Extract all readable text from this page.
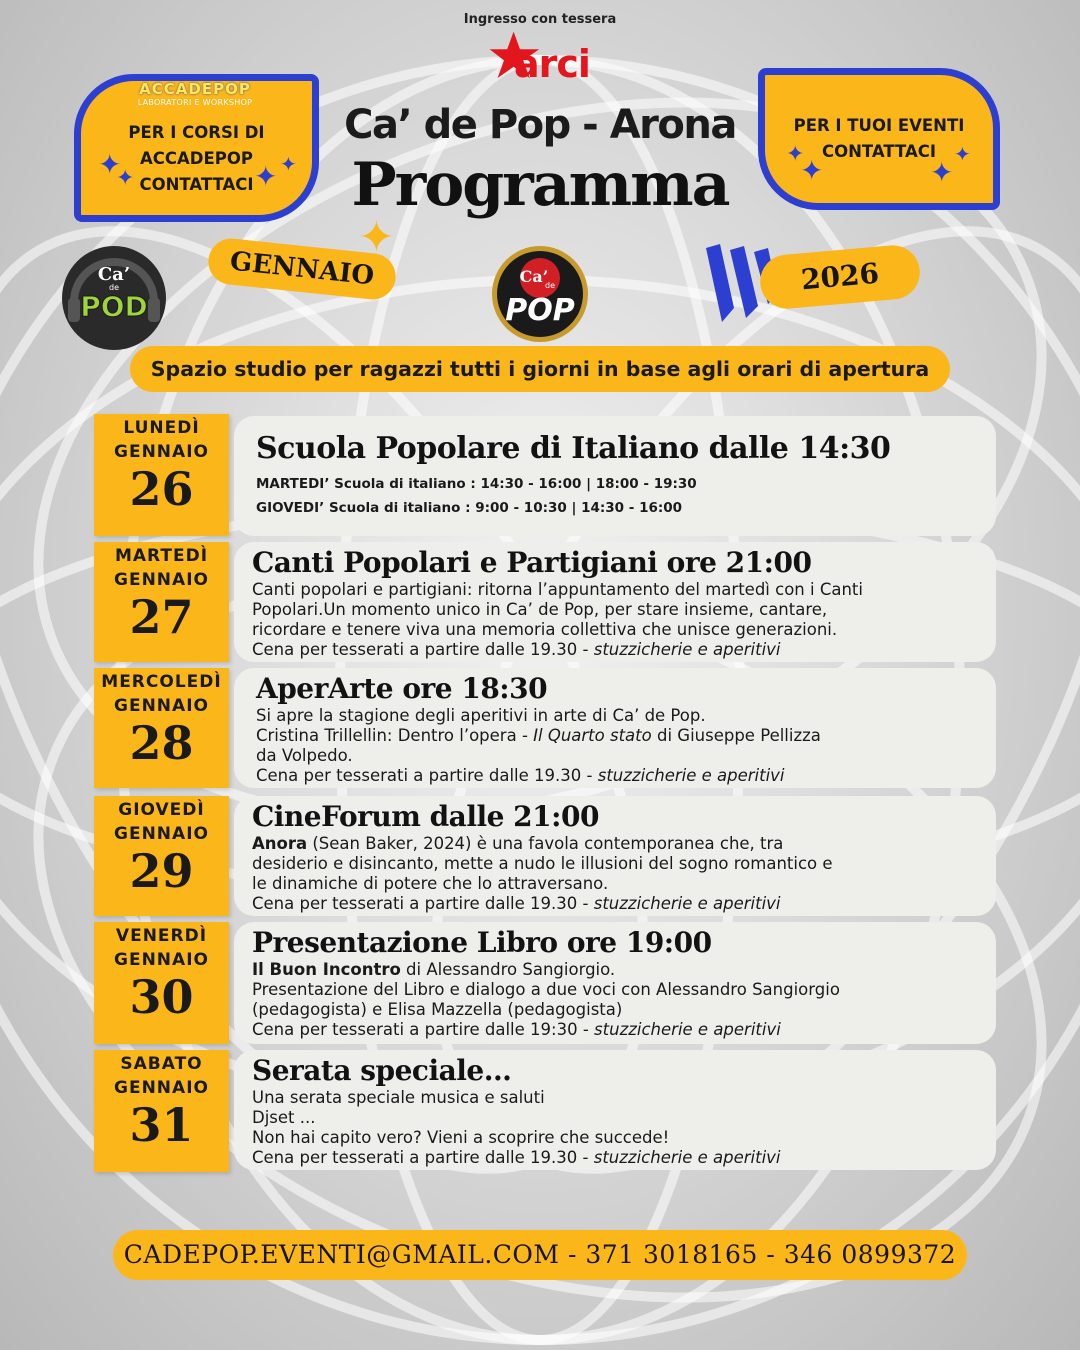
Ingresso con tessera
arci
PER I CORSI DI
ACCADEPOP
CONTATTACI
ACCADEPOP
LABORATORI E WORKSHOP
✦
✦	✦ ✦
PER I TUOI EVENTI
CONTATTACI
✦
✦	✦
✦
Ca’ de Pop - Arona
Programma
✦
Ca’
de
POD
CAST
GENNAIO	Ca’
de
POP
2026
Spazio studio per ragazzi tutti i giorni in base agli orari di apertura
LUNEDÌ
GENNAIO
26
Scuola Popolare di Italiano dalle 14:30
MARTEDI’ Scuola di italiano : 14:30 - 16:00 | 18:00 - 19:30
GIOVEDI’ Scuola di italiano : 9:00 - 10:30 | 14:30 - 16:00
MARTEDÌ
GENNAIO
27
Canti Popolari e Partigiani ore 21:00
Canti popolari e partigiani: ritorna l’appuntamento del martedì con i Canti
Popolari.Un momento unico in Ca’ de Pop, per stare insieme, cantare,
ricordare e tenere viva una memoria collettiva che unisce generazioni.
Cena per tesserati a partire dalle 19.30 - stuzzicherie e aperitivi
MERCOLEDÌ
GENNAIO
28
AperArte ore 18:30
Si apre la stagione degli aperitivi in arte di Ca’ de Pop.
Cristina Trillellin: Dentro l’opera - Il Quarto stato di Giuseppe Pellizza
da Volpedo.
Cena per tesserati a partire dalle 19.30 - stuzzicherie e aperitivi
GIOVEDÌ
GENNAIO
29
CineForum dalle 21:00
Anora (Sean Baker, 2024) è una favola contemporanea che, tra
desiderio e disincanto, mette a nudo le illusioni del sogno romantico e
le dinamiche di potere che lo attraversano.
Cena per tesserati a partire dalle 19.30 - stuzzicherie e aperitivi
VENERDÌ
GENNAIO
30
Presentazione Libro ore 19:00
Il Buon Incontro di Alessandro Sangiorgio.
Presentazione del Libro e dialogo a due voci con Alessandro Sangiorgio
(pedagogista) e Elisa Mazzella (pedagogista)
Cena per tesserati a partire dalle 19:30 - stuzzicherie e aperitivi
SABATO
GENNAIO
31
Serata speciale...
Una serata speciale musica e saluti
Djset ...
Non hai capito vero? Vieni a scoprire che succede!
Cena per tesserati a partire dalle 19.30 - stuzzicherie e aperitivi
CADEPOP.EVENTI@GMAIL.COM - 371 3018165 - 346 0899372
